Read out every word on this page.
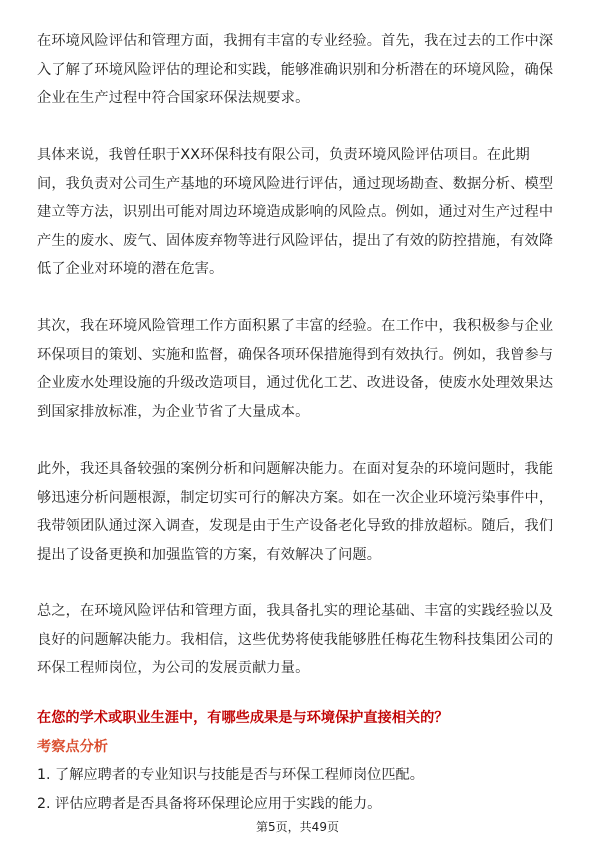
在环境风险评估和管理方面，我拥有丰富的专业经验。首先，我在过去的工作中深入了解了环境风险评估的理论和实践，能够准确识别和分析潜在的环境风险，确保企业在生产过程中符合国家环保法规要求。

具体来说，我曾任职于XX环保科技有限公司，负责环境风险评估项目。在此期间，我负责对公司生产基地的环境风险进行评估，通过现场勘查、数据分析、模型建立等方法，识别出可能对周边环境造成影响的风险点。例如，通过对生产过程中产生的废水、废气、固体废弃物等进行风险评估，提出了有效的防控措施，有效降低了企业对环境的潜在危害。

其次，我在环境风险管理工作方面积累了丰富的经验。在工作中，我积极参与企业环保项目的策划、实施和监督，确保各项环保措施得到有效执行。例如，我曾参与企业废水处理设施的升级改造项目，通过优化工艺、改进设备，使废水处理效果达到国家排放标准，为企业节省了大量成本。

此外，我还具备较强的案例分析和问题解决能力。在面对复杂的环境问题时，我能够迅速分析问题根源，制定切实可行的解决方案。如在一次企业环境污染事件中，我带领团队通过深入调查，发现是由于生产设备老化导致的排放超标。随后，我们提出了设备更换和加强监管的方案，有效解决了问题。

总之，在环境风险评估和管理方面，我具备扎实的理论基础、丰富的实践经验以及良好的问题解决能力。我相信，这些优势将使我能够胜任梅花生物科技集团公司的环保工程师岗位，为公司的发展贡献力量。

在您的学术或职业生涯中，有哪些成果是与环境保护直接相关的？

考察点分析

1. 了解应聘者的专业知识与技能是否与环保工程师岗位匹配。

2. 评估应聘者是否具备将环保理论应用于实践的能力。

第5页，共49页
